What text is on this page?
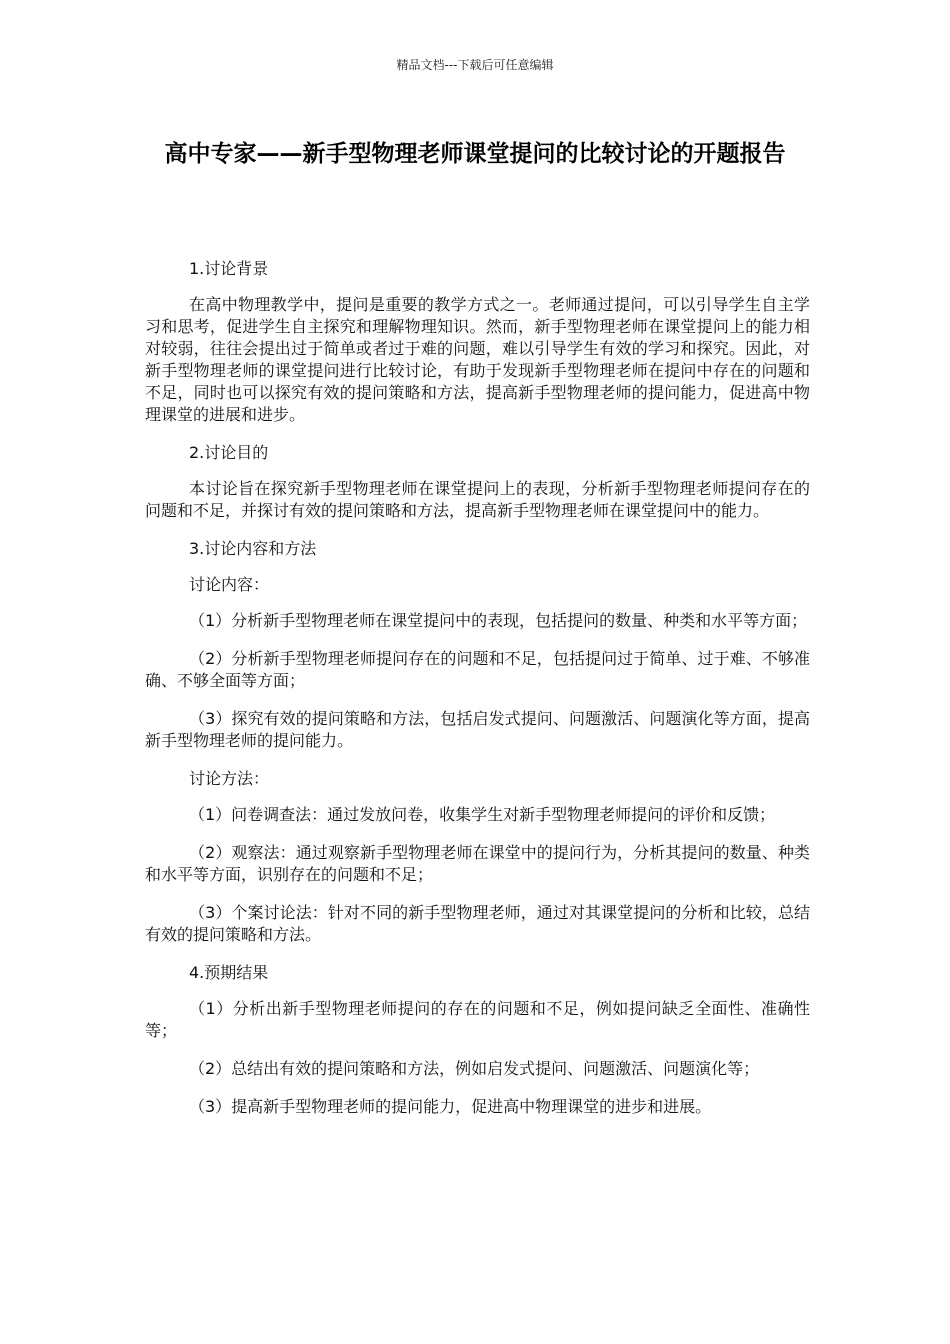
精品文档---下载后可任意编辑
高中专家——新手型物理老师课堂提问的比较讨论的开题报告

1.讨论背景

在高中物理教学中，提问是重要的教学方式之一。老师通过提问，可以引导学生自主学习和思考，促进学生自主探究和理解物理知识。然而，新手型物理老师在课堂提问上的能力相对较弱，往往会提出过于简单或者过于难的问题，难以引导学生有效的学习和探究。因此，对新手型物理老师的课堂提问进行比较讨论，有助于发现新手型物理老师在提问中存在的问题和不足，同时也可以探究有效的提问策略和方法，提高新手型物理老师的提问能力，促进高中物理课堂的进展和进步。

2.讨论目的

本讨论旨在探究新手型物理老师在课堂提问上的表现，分析新手型物理老师提问存在的问题和不足，并探讨有效的提问策略和方法，提高新手型物理老师在课堂提问中的能力。

3.讨论内容和方法

讨论内容：

（1）分析新手型物理老师在课堂提问中的表现，包括提问的数量、种类和水平等方面；

（2）分析新手型物理老师提问存在的问题和不足，包括提问过于简单、过于难、不够准确、不够全面等方面；

（3）探究有效的提问策略和方法，包括启发式提问、问题激活、问题演化等方面，提高新手型物理老师的提问能力。

讨论方法：

（1）问卷调查法：通过发放问卷，收集学生对新手型物理老师提问的评价和反馈；

（2）观察法：通过观察新手型物理老师在课堂中的提问行为，分析其提问的数量、种类和水平等方面，识别存在的问题和不足；

（3）个案讨论法：针对不同的新手型物理老师，通过对其课堂提问的分析和比较，总结有效的提问策略和方法。

4.预期结果

（1）分析出新手型物理老师提问的存在的问题和不足，例如提问缺乏全面性、准确性等；

（2）总结出有效的提问策略和方法，例如启发式提问、问题激活、问题演化等；

（3）提高新手型物理老师的提问能力，促进高中物理课堂的进步和进展。
